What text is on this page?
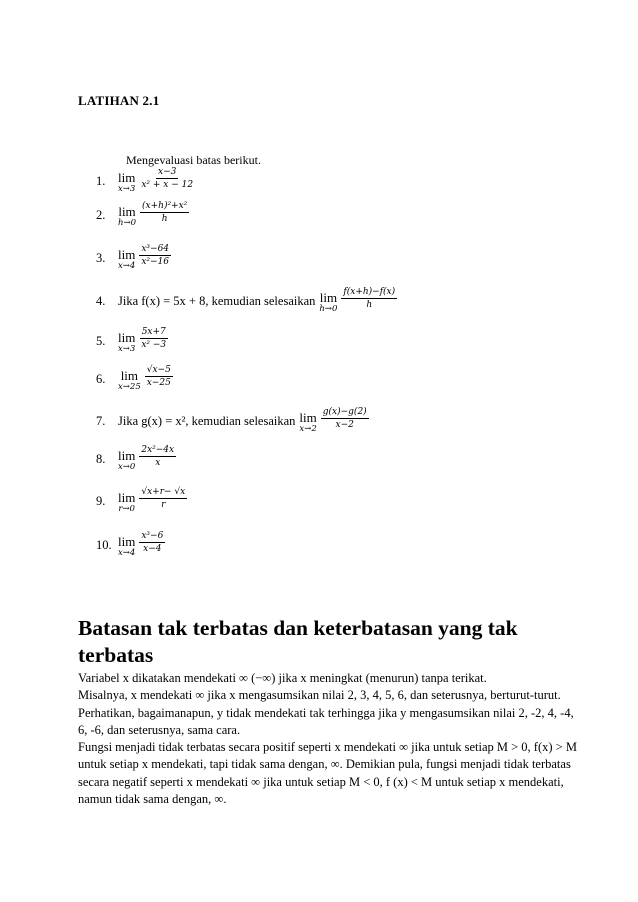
LATIHAN 2.1
Mengevaluasi batas berikut.
1. lim
$x\to 3 \frac{x-3}{\text{x² + x − 12}}$
2. lim
$h\to 0 \frac{\text{(x+h)²+x²}}{h}$
3. lim
$x\to 4 \frac{\text{x³−64}}{\text{x²−16}}$
4.	Jika f(x) = 5x + 8, kemudian selesaikan lim
$h\to 0 \frac{f(x+h)-f(x)}{h}$
5. lim
$x\to 3 \frac{5x+7}{\text{x² −3}}$
6.	lim
$x\to 25 \frac{√x-5}{x-25}$
7.	Jika g(x) = x², kemudian selesaikan lim
$x\to 2 \frac{g(x)-g(2)}{x-2}$
8. lim
$x\to 0 \frac{\text{2x²−4x}}{x}$
9. lim
$r\to 0 \frac{√x+r- √x}{r}$
10. lim
$x\to 4 \frac{\text{x³−6}}{x-4}$
Batasan tak terbatas dan keterbatasan yang tak terbatas
Variabel x dikatakan mendekati ∞ (−∞) jika x meningkat (menurun) tanpa terikat.
Misalnya, x mendekati ∞ jika x mengasumsikan nilai 2, 3, 4, 5, 6, dan seterusnya, berturut-turut. Perhatikan, bagaimanapun, y tidak mendekati tak terhingga jika y mengasumsikan nilai 2, -2, 4, -4, 6, -6, dan seterusnya, sama cara.
Fungsi menjadi tidak terbatas secara positif seperti x mendekati ∞ jika untuk setiap M > 0, f(x) > M untuk setiap x mendekati, tapi tidak sama dengan, ∞. Demikian pula, fungsi menjadi tidak terbatas secara negatif seperti x mendekati ∞ jika untuk setiap M < 0, f (x) < M untuk setiap x mendekati, namun tidak sama dengan, ∞.
